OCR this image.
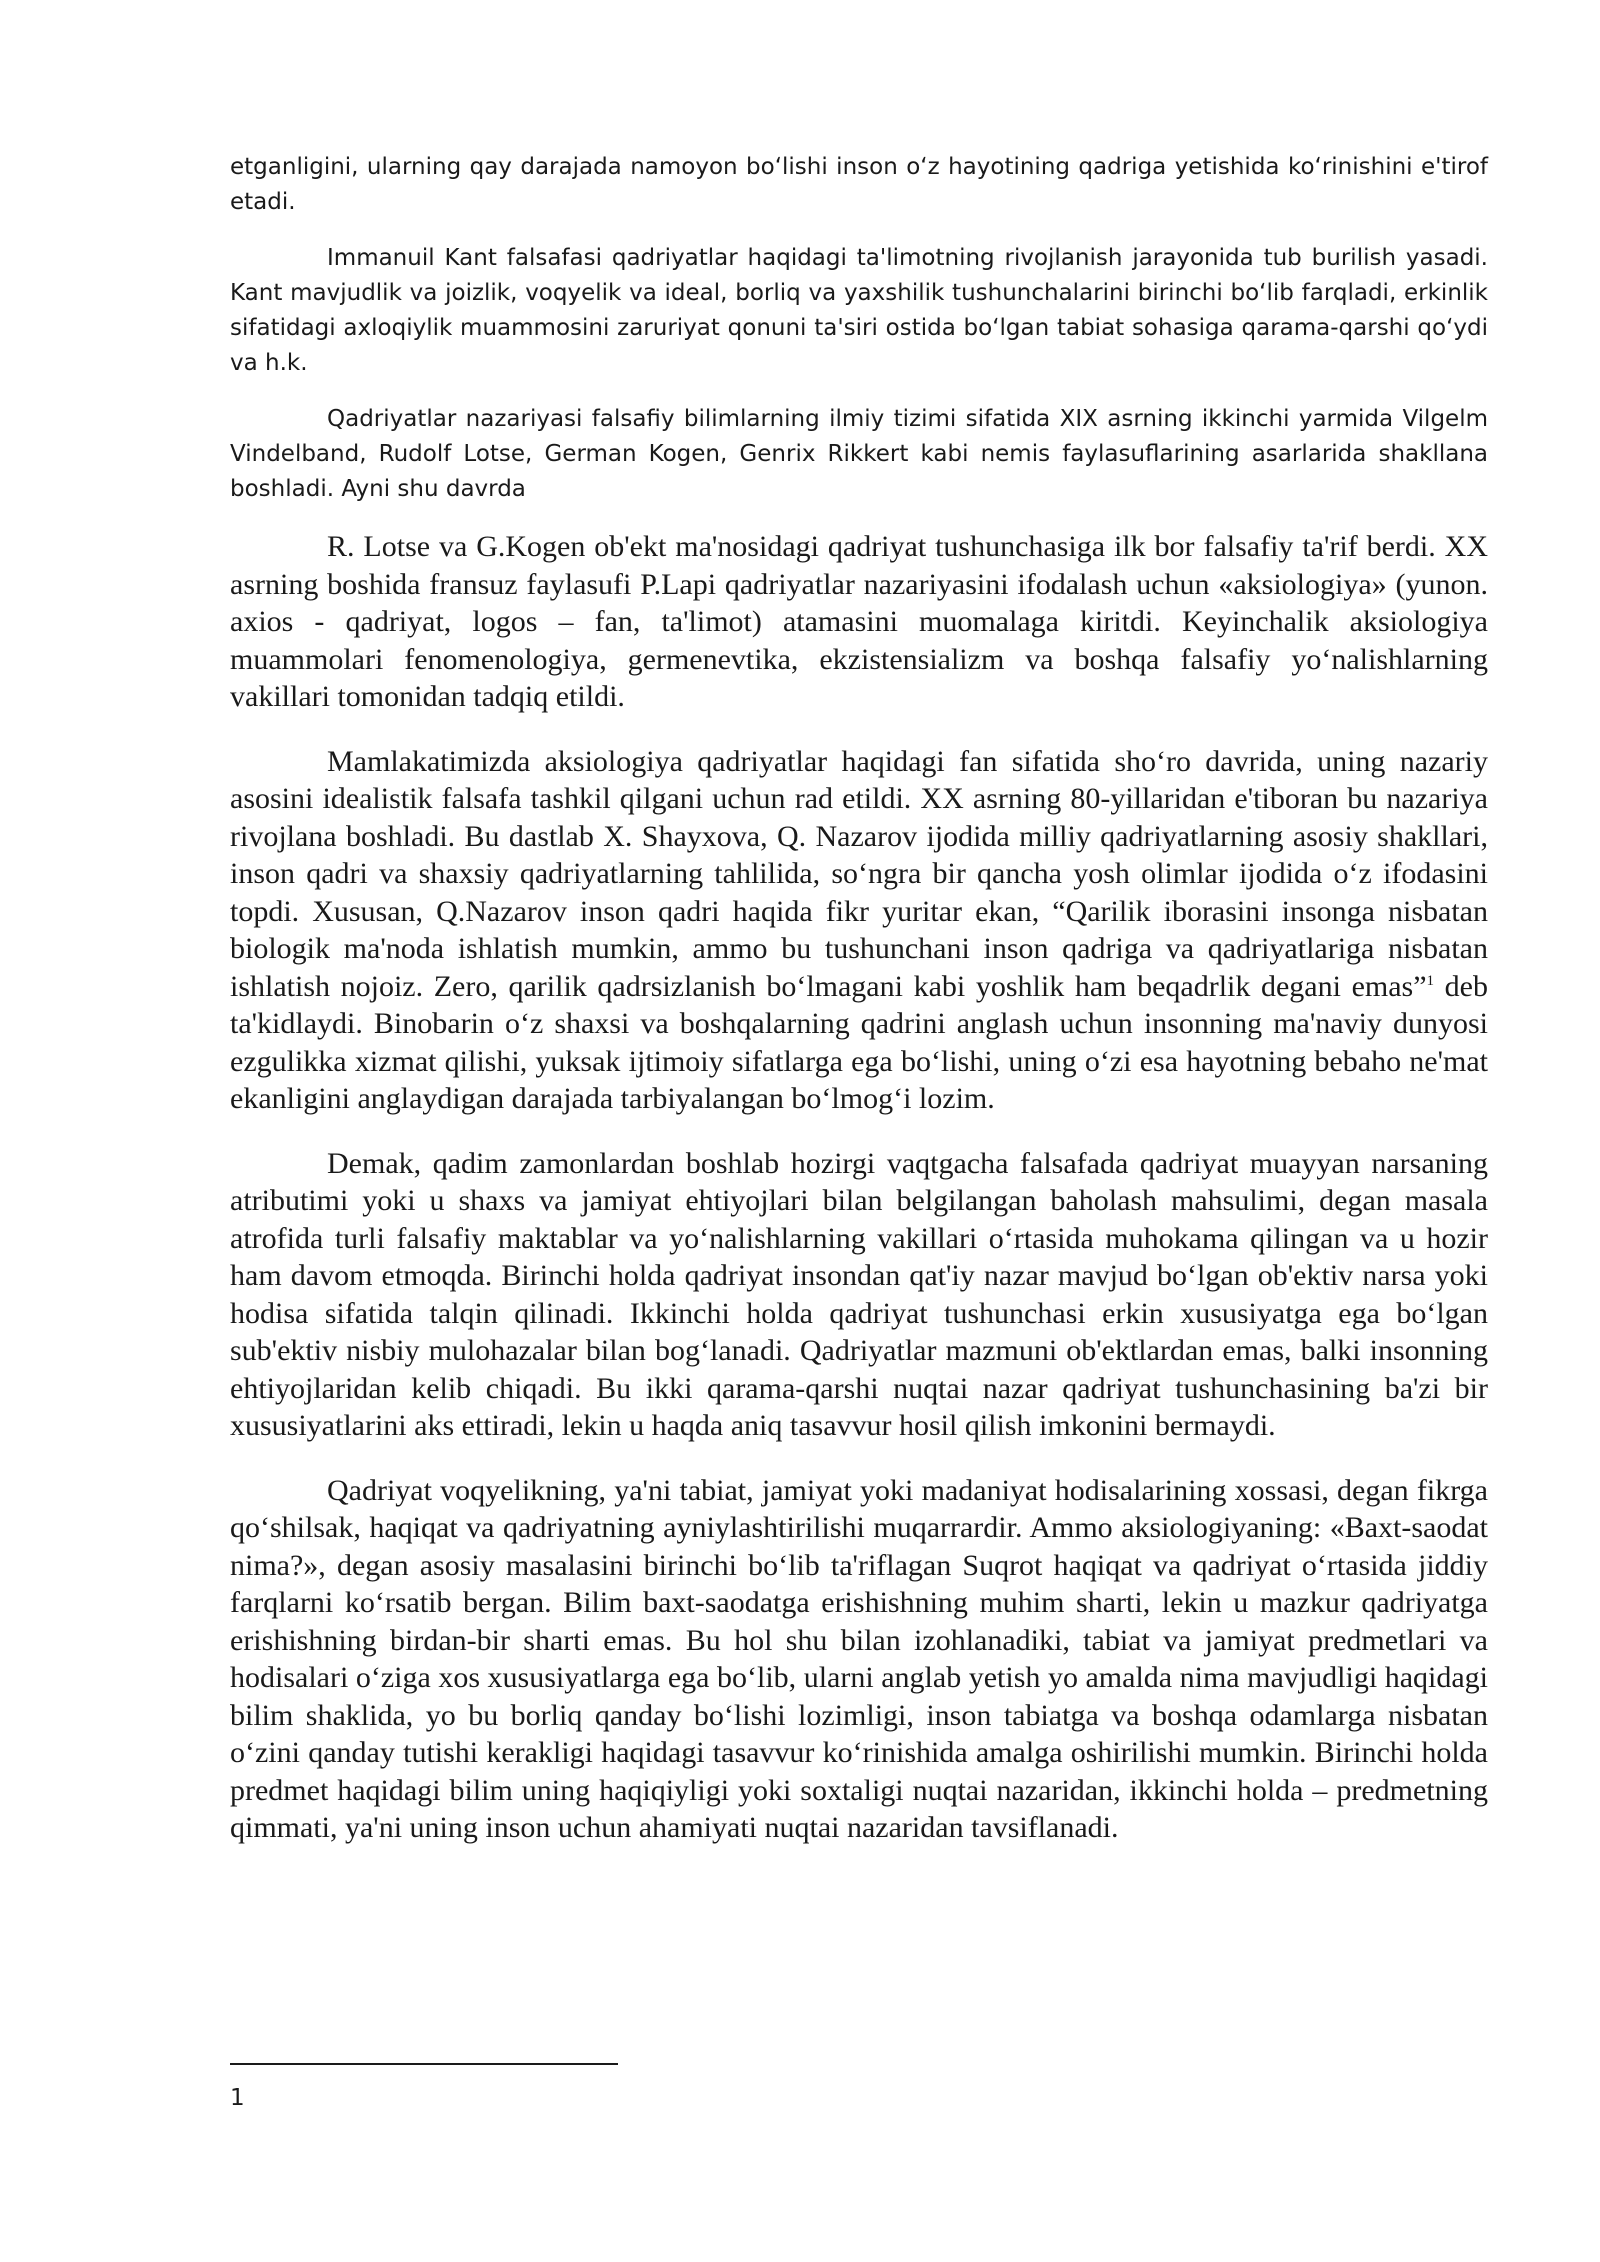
etganligini, ularning qay darajada namoyon boʻlishi inson oʻz hayotining qadriga yetishida koʻrinishini e'tirof etadi.

Immanuil Kant falsafasi qadriyatlar haqidagi ta'limotning rivojlanish jarayonida tub burilish yasadi. Kant mavjudlik va joizlik, voqyelik va ideal, borliq va yaxshilik tushunchalarini birinchi boʻlib farqladi, erkinlik sifatidagi axloqiylik muammosini zaruriyat qonuni ta'siri ostida boʻlgan tabiat sohasiga qarama-qarshi qoʻydi va h.k.

Qadriyatlar nazariyasi falsafiy bilimlarning ilmiy tizimi sifatida XIX asrning ikkinchi yarmida Vilgelm Vindelband, Rudolf Lotse, German Kogen, Genrix Rikkert kabi nemis faylasuflarining asarlarida shakllana boshladi. Ayni shu davrda

R. Lotse va G.Kogen ob'ekt ma'nosidagi qadriyat tushunchasiga ilk bor falsafiy ta'rif berdi. XX asrning boshida fransuz faylasufi P.Lapi qadriyatlar nazariyasini ifodalash uchun «aksiologiya» (yunon. axios - qadriyat, logos – fan, ta'limot) atamasini muomalaga kiritdi. Keyinchalik aksiologiya muammolari fenomenologiya, germenevtika, ekzistensializm va boshqa falsafiy yoʻnalishlarning vakillari tomonidan tadqiq etildi.

Mamlakatimizda aksiologiya qadriyatlar haqidagi fan sifatida shoʻro davrida, uning nazariy asosini idealistik falsafa tashkil qilgani uchun rad etildi. XX asrning 80-yillaridan e'tiboran bu nazariya rivojlana boshladi. Bu dastlab X. Shayxova, Q. Nazarov ijodida milliy qadriyatlarning asosiy shakllari, inson qadri va shaxsiy qadriyatlarning tahlilida, soʻngra bir qancha yosh olimlar ijodida oʻz ifodasini topdi. Xususan, Q.Nazarov inson qadri haqida fikr yuritar ekan, “Qarilik iborasini insonga nisbatan biologik ma'noda ishlatish mumkin, ammo bu tushunchani inson qadriga va qadriyatlariga nisbatan ishlatish nojoiz. Zero, qarilik qadrsizlanish boʻlmagani kabi yoshlik ham beqadrlik degani emas”$^1$ deb ta'kidlaydi. Binobarin oʻz shaxsi va boshqalarning qadrini anglash uchun insonning ma'naviy dunyosi ezgulikka xizmat qilishi, yuksak ijtimoiy sifatlarga ega boʻlishi, uning oʻzi esa hayotning bebaho ne'mat ekanligini anglaydigan darajada tarbiyalangan boʻlmogʻi lozim.

Demak, qadim zamonlardan boshlab hozirgi vaqtgacha falsafada qadriyat muayyan narsaning atributimi yoki u shaxs va jamiyat ehtiyojlari bilan belgilangan baholash mahsulimi, degan masala atrofida turli falsafiy maktablar va yoʻnalishlarning vakillari oʻrtasida muhokama qilingan va u hozir ham davom etmoqda. Birinchi holda qadriyat insondan qat'iy nazar mavjud boʻlgan ob'ektiv narsa yoki hodisa sifatida talqin qilinadi. Ikkinchi holda qadriyat tushunchasi erkin xususiyatga ega boʻlgan sub'ektiv nisbiy mulohazalar bilan bogʻlanadi. Qadriyatlar mazmuni ob'ektlardan emas, balki insonning ehtiyojlaridan kelib chiqadi. Bu ikki qarama-qarshi nuqtai nazar qadriyat tushunchasining ba'zi bir xususiyatlarini aks ettiradi, lekin u haqda aniq tasavvur hosil qilish imkonini bermaydi.

Qadriyat voqyelikning, ya'ni tabiat, jamiyat yoki madaniyat hodisalarining xossasi, degan fikrga qoʻshilsak, haqiqat va qadriyatning ayniylashtirilishi muqarrardir. Ammo aksiologiyaning: «Baxt-saodat nima?», degan asosiy masalasini birinchi boʻlib ta'riflagan Suqrot haqiqat va qadriyat oʻrtasida jiddiy farqlarni koʻrsatib bergan. Bilim baxt-saodatga erishishning muhim sharti, lekin u mazkur qadriyatga erishishning birdan-bir sharti emas. Bu hol shu bilan izohlanadiki, tabiat va jamiyat predmetlari va hodisalari oʻziga xos xususiyatlarga ega boʻlib, ularni anglab yetish yo amalda nima mavjudligi haqidagi bilim shaklida, yo bu borliq qanday boʻlishi lozimligi, inson tabiatga va boshqa odamlarga nisbatan oʻzini qanday tutishi kerakligi haqidagi tasavvur koʻrinishida amalga oshirilishi mumkin. Birinchi holda predmet haqidagi bilim uning haqiqiyligi yoki soxtaligi nuqtai nazaridan, ikkinchi holda – predmetning qimmati, ya'ni uning inson uchun ahamiyati nuqtai nazaridan tavsiflanadi.

1
